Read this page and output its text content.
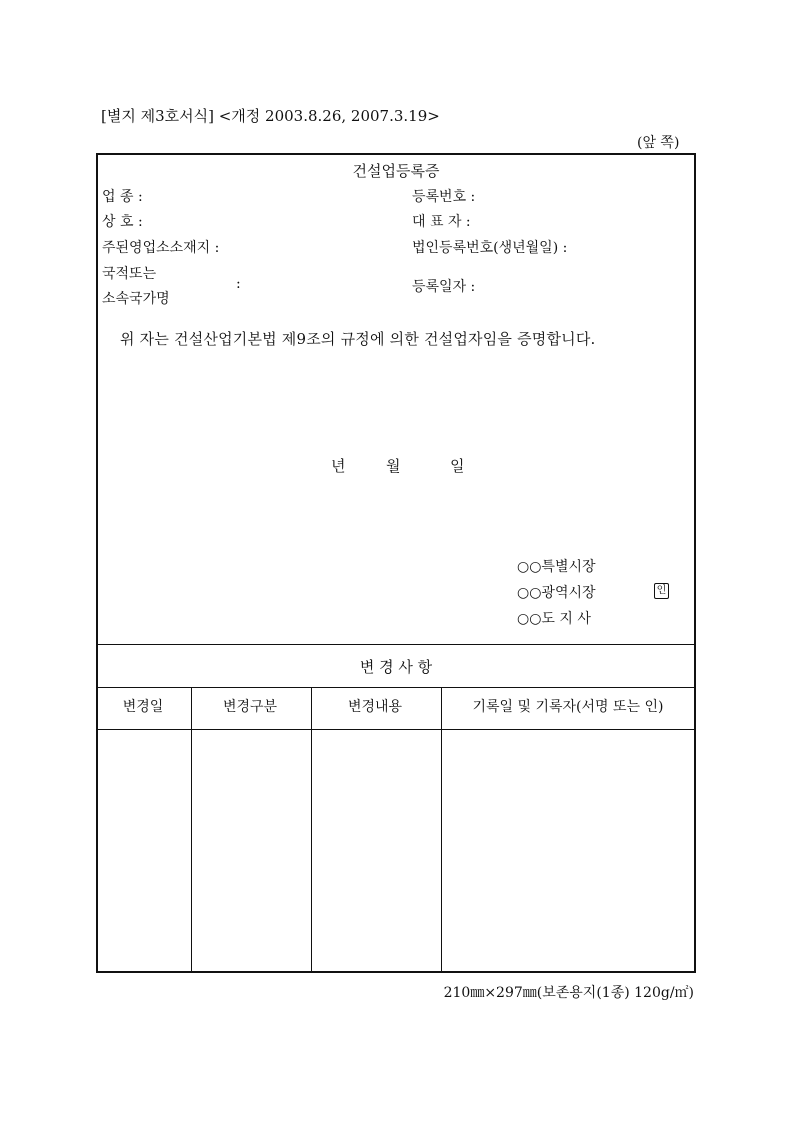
[별지 제3호서식] <개정 2003.8.26, 2007.3.19>
(앞 쪽)
건설업등록증
업 종 :	등록번호 :
상 호 :	대 표 자 :
주된영업소소재지 :	법인등록번호(생년월일) :
국적또는
소속국가명
:	등록일자 :
위 자는 건설산업기본법 제9조의 규정에 의한 건설업자임을 증명합니다.
년	월	일
○○특별시장
○○광역시장	인
○○도 지 사
변 경 사 항
변경일	변경구분	변경내용	기록일 및 기록자(서명 또는 인)
210㎜×297㎜(보존용지(1종) 120g/㎡)
